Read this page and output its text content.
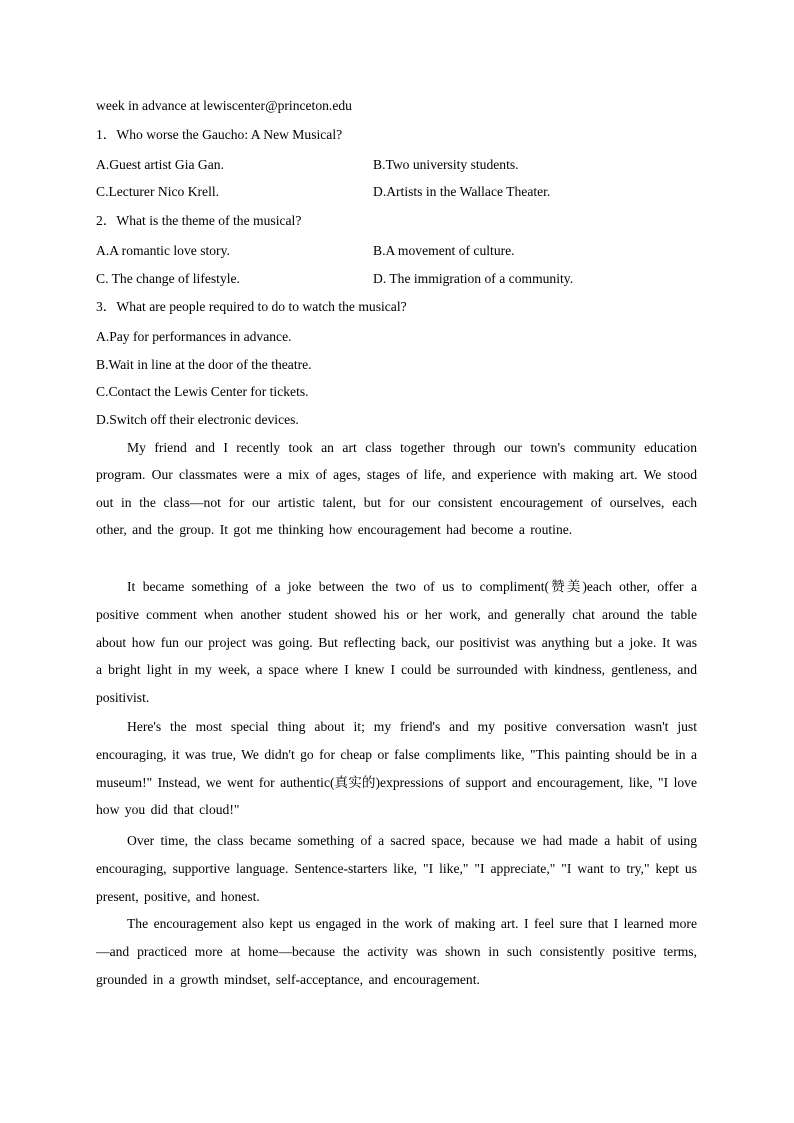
week in advance at lewiscenter@princeton.edu
1．Who worse the Gaucho: A New Musical?
A.Guest artist Gia Gan.	B.Two university students.
C.Lecturer Nico Krell.	D.Artists in the Wallace Theater.
2．What is the theme of the musical?
A.A romantic love story.	B.A movement of culture.
C. The change of lifestyle.	D. The immigration of a community.
3．What are people required to do to watch the musical?
A.Pay for performances in advance.
B.Wait in line at the door of the theatre.
C.Contact the Lewis Center for tickets.
D.Switch off their electronic devices.

My friend and I recently took an art class together through our town's community education program. Our classmates were a mix of ages, stages of life, and experience with making art. We stood out in the class—not for our artistic talent, but for our consistent encouragement of ourselves, each other, and the group. It got me thinking how encouragement had become a routine.

It became something of a joke between the two of us to compliment(赞美)each other, offer a positive comment when another student showed his or her work, and generally chat around the table about how fun our project was going. But reflecting back, our positivist was anything but a joke. It was a bright light in my week, a space where I knew I could be surrounded with kindness, gentleness, and positivist.

Here's the most special thing about it; my friend's and my positive conversation wasn't just encouraging, it was true, We didn't go for cheap or false compliments like, "This painting should be in a museum!" Instead, we went for authentic(真实的)expressions of support and encouragement, like, "I love how you did that cloud!"

Over time, the class became something of a sacred space, because we had made a habit of using encouraging, supportive language. Sentence-starters like, "I like," "I appreciate," "I want to try," kept us present, positive, and honest.

The encouragement also kept us engaged in the work of making art. I feel sure that I learned more—and practiced more at home—because the activity was shown in such consistently positive terms, grounded in a growth mindset, self-acceptance, and encouragement.
